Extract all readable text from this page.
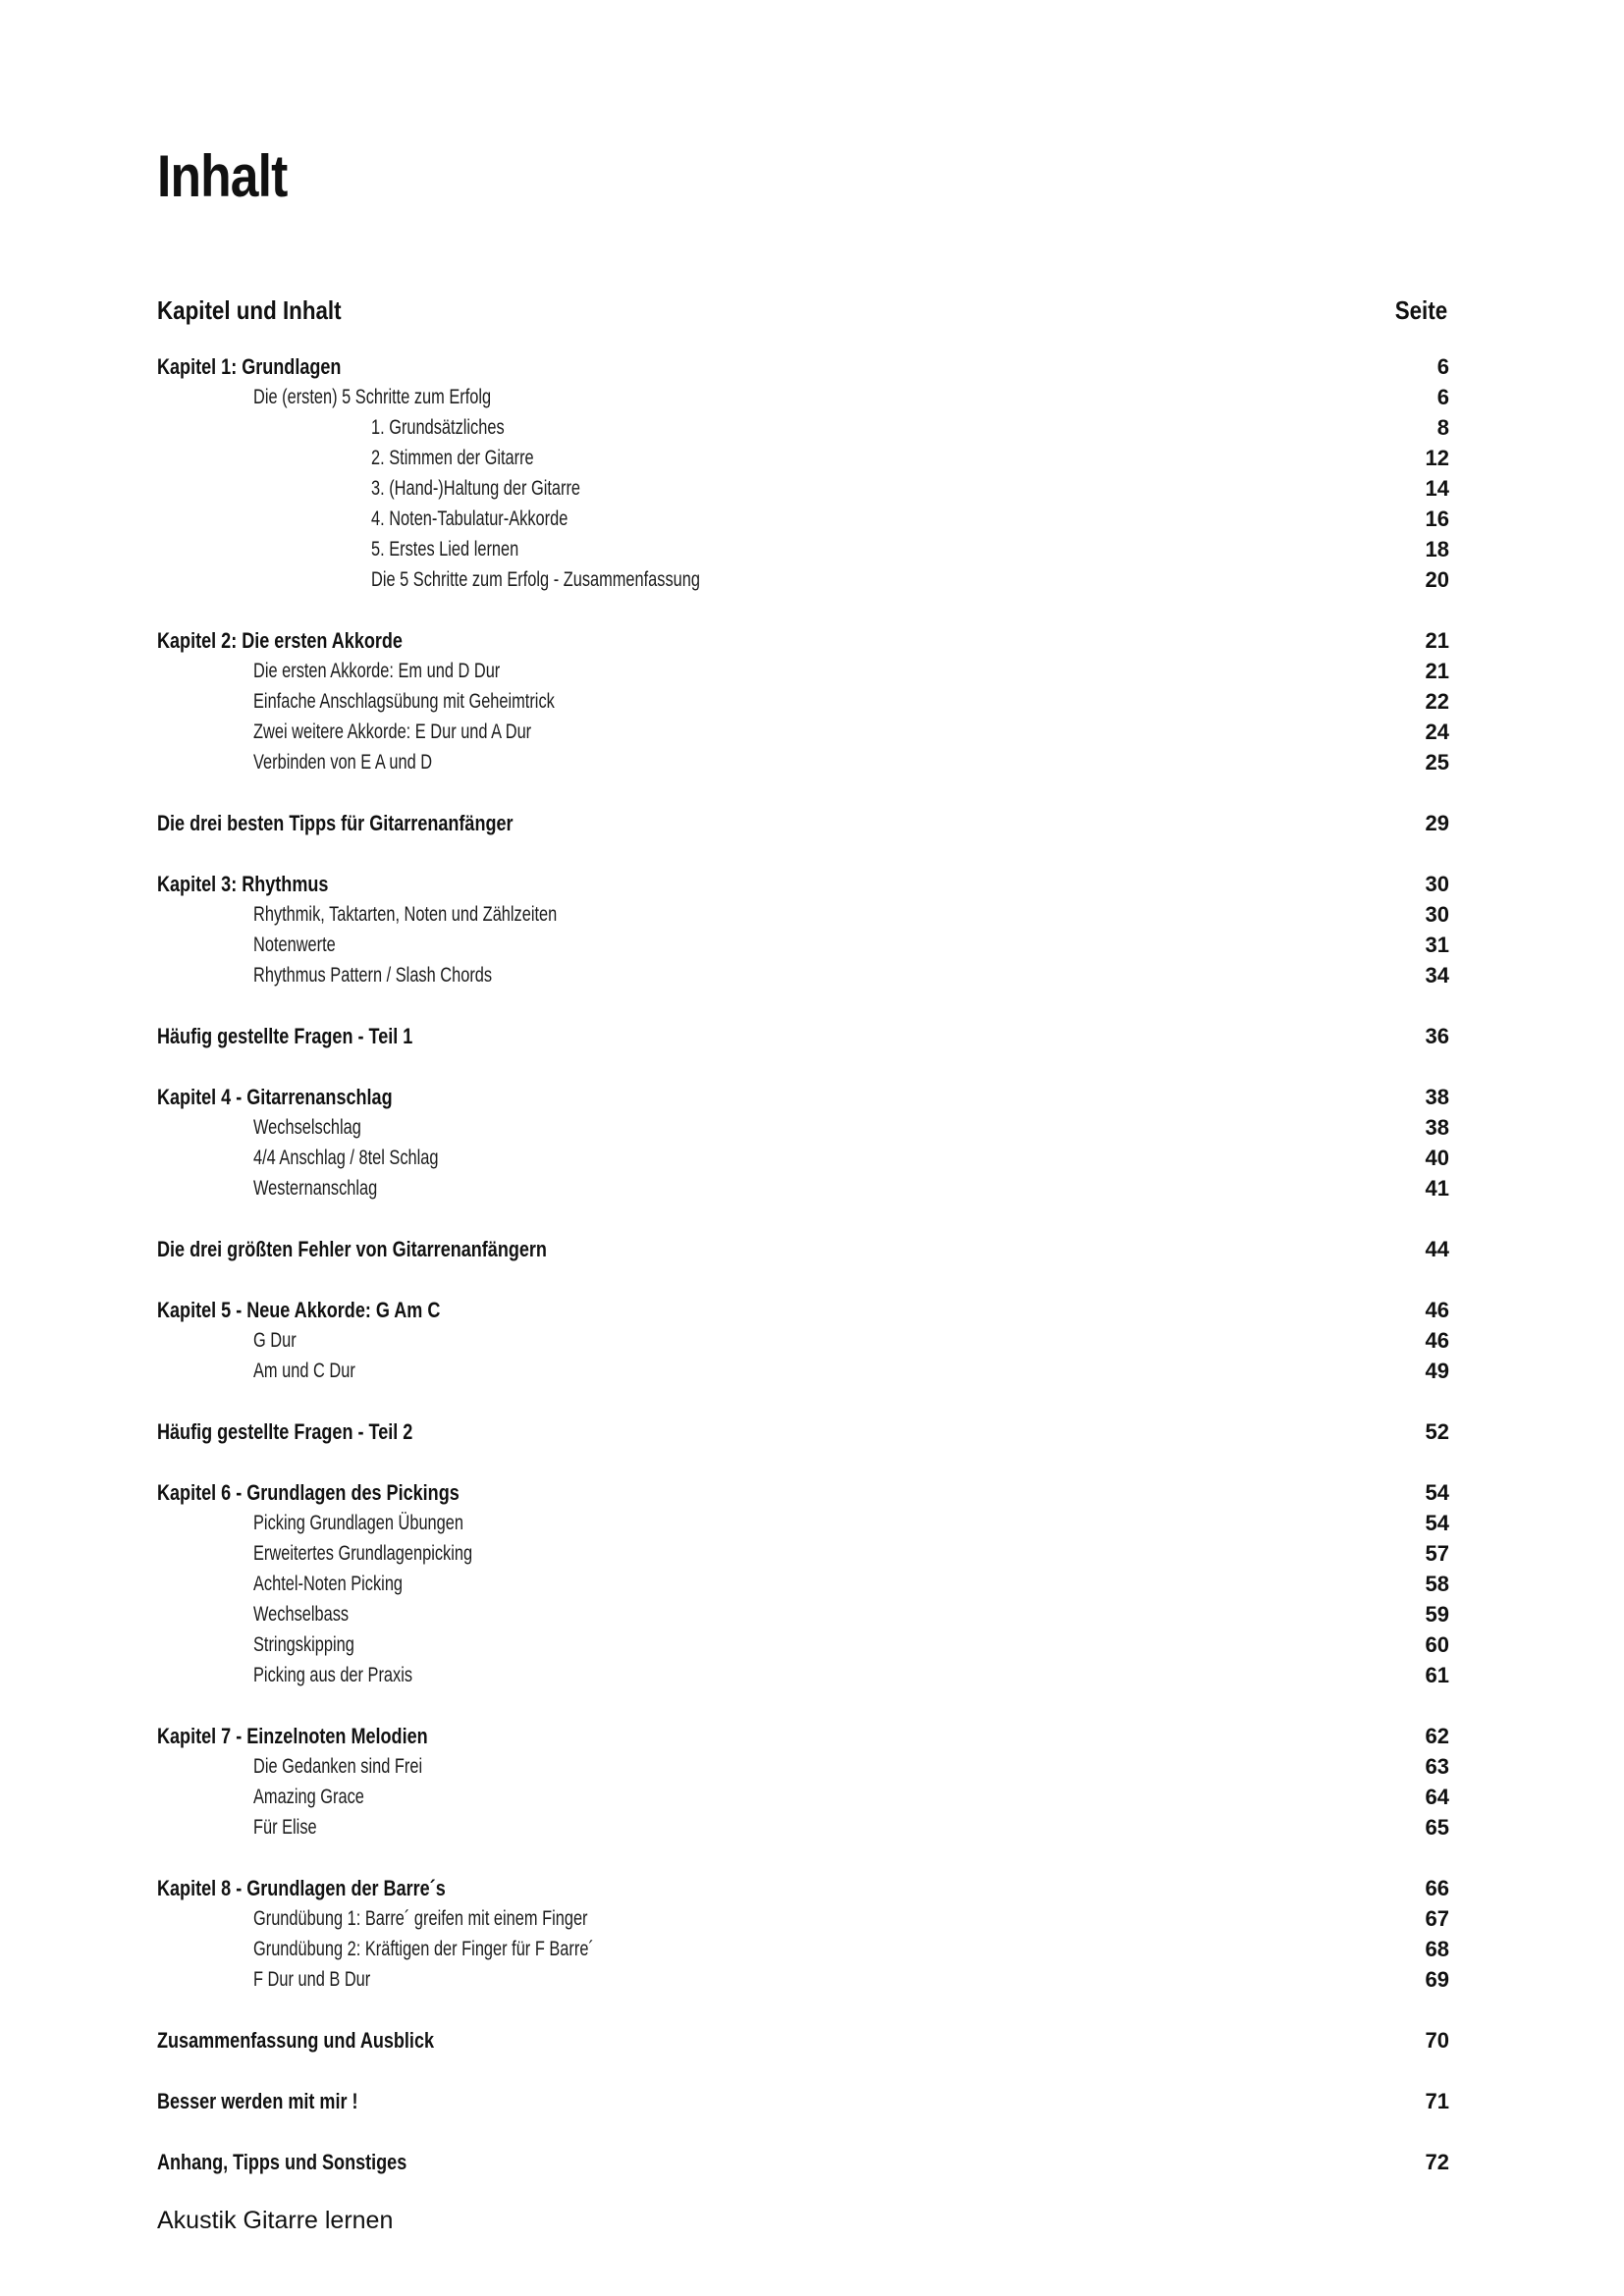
Inhalt
Kapitel und Inhalt	Seite
Kapitel 1: Grundlagen	6
Die (ersten) 5 Schritte zum Erfolg	6
1. Grundsätzliches	8
2. Stimmen der Gitarre	12
3. (Hand-)Haltung der Gitarre	14
4. Noten-Tabulatur-Akkorde	16
5. Erstes Lied lernen	18
Die 5 Schritte zum Erfolg - Zusammenfassung	20
Kapitel 2: Die ersten Akkorde	21
Die ersten Akkorde: Em und D Dur	21
Einfache Anschlagsübung mit Geheimtrick	22
Zwei weitere Akkorde: E Dur und A Dur	24
Verbinden von E A und D	25
Die drei besten Tipps für Gitarrenanfänger	29
Kapitel 3: Rhythmus	30
Rhythmik, Taktarten, Noten und Zählzeiten	30
Notenwerte	31
Rhythmus Pattern / Slash Chords	34
Häufig gestellte Fragen - Teil 1	36
Kapitel 4 - Gitarrenanschlag	38
Wechselschlag	38
4/4 Anschlag / 8tel Schlag	40
Westernanschlag	41
Die drei größten Fehler von Gitarrenanfängern	44
Kapitel 5 - Neue Akkorde: G Am C	46
G Dur	46
Am und C Dur	49
Häufig gestellte Fragen - Teil 2	52
Kapitel 6 - Grundlagen des Pickings	54
Picking Grundlagen Übungen	54
Erweitertes Grundlagenpicking	57
Achtel-Noten Picking	58
Wechselbass	59
Stringskipping	60
Picking aus der Praxis	61
Kapitel 7 - Einzelnoten Melodien	62
Die Gedanken sind Frei	63
Amazing Grace	64
Für Elise	65
Kapitel 8 - Grundlagen der Barre´s	66
Grundübung 1: Barre´ greifen mit einem Finger	67
Grundübung 2: Kräftigen der Finger für F Barre´	68
F Dur und B Dur	69
Zusammenfassung und Ausblick	70
Besser werden mit mir !	71
Anhang, Tipps und Sonstiges	72
Akustik Gitarre lernen
